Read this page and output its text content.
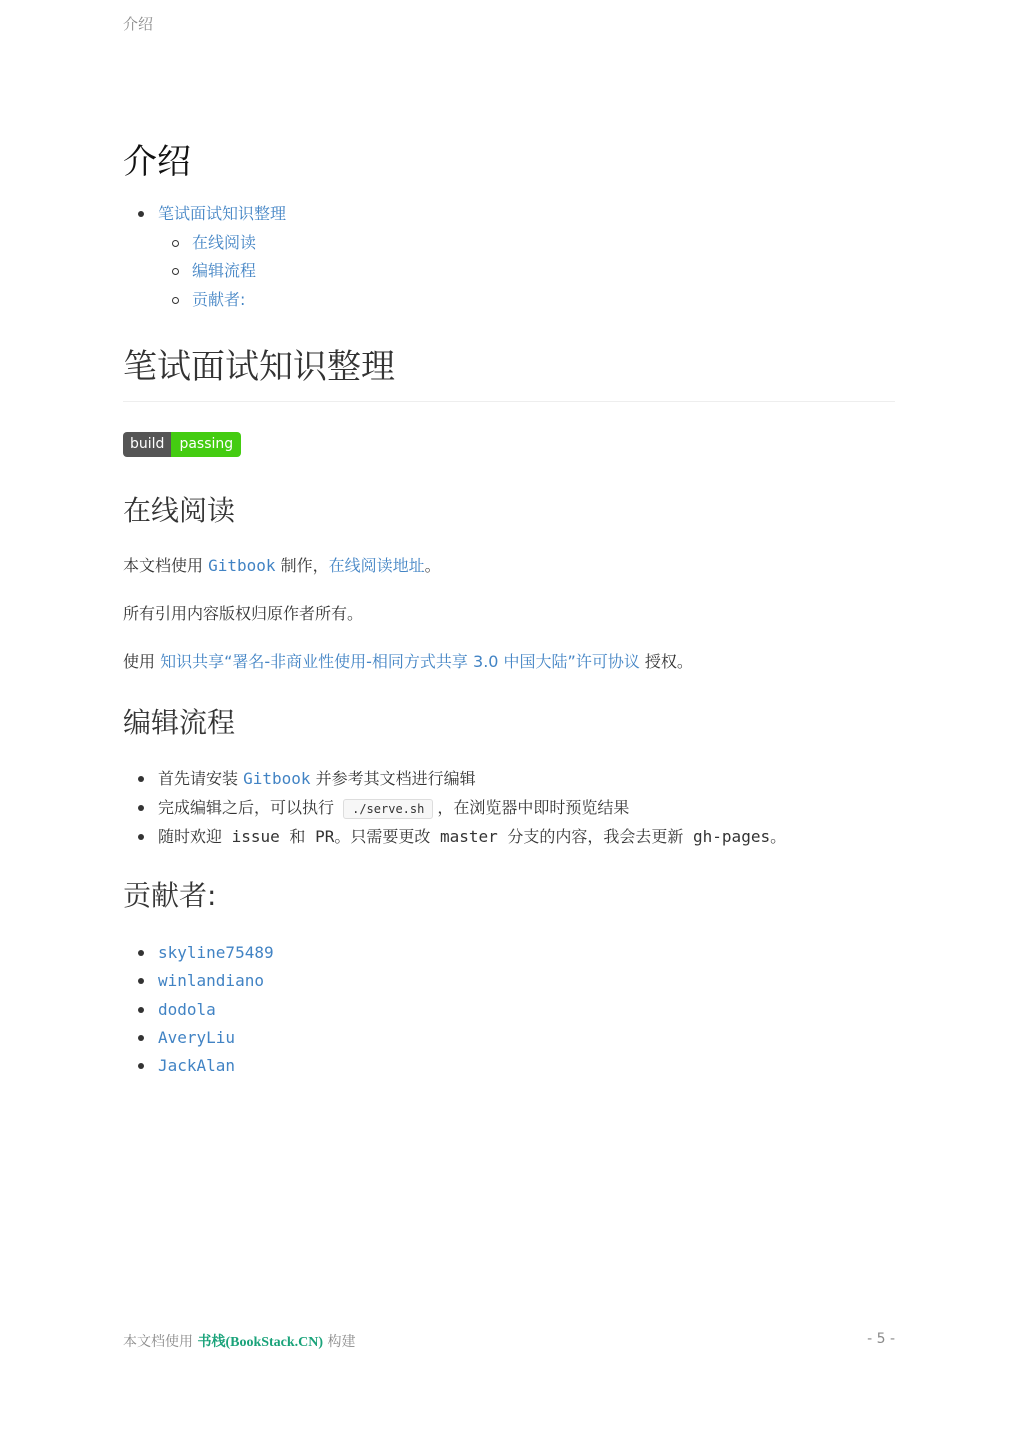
介绍
介绍
笔试面试知识整理
在线阅读
编辑流程
贡献者:
笔试面试知识整理
build	passing
在线阅读

本文档使用 Gitbook 制作，在线阅读地址。

所有引用内容版权归原作者所有。

使用 知识共享“署名-非商业性使用-相同方式共享 3.0 中国大陆”许可协议 授权。

编辑流程
首先请安装 Gitbook 并参考其文档进行编辑
完成编辑之后，可以执行 ./serve.sh ，在浏览器中即时预览结果
随时欢迎 issue 和 PR。只需要更改 master 分支的内容，我会去更新 gh-pages。
贡献者:
skyline75489
winlandiano
dodola
AveryLiu
JackAlan
本文档使用 书栈(BookStack.CN) 构建	- 5 -
